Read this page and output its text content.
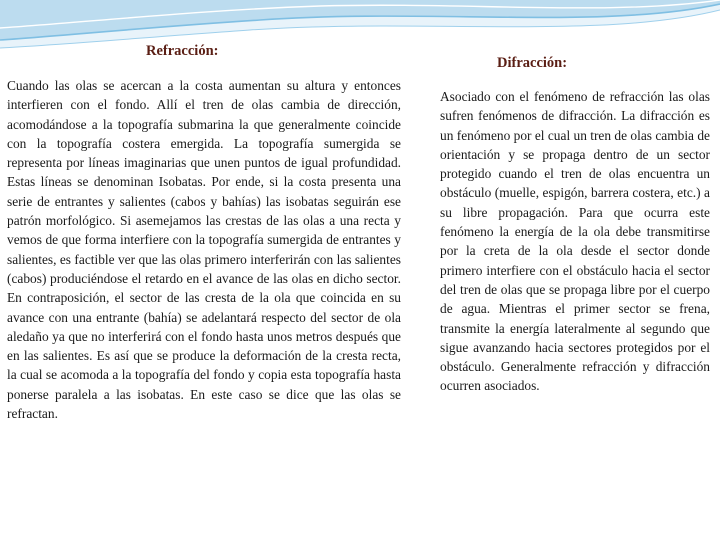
Refracción:

Cuando las olas se acercan a la costa aumentan su altura y entonces interfieren con el fondo. Allí el tren de olas cambia de dirección, acomodándose a la topografía submarina la que generalmente coincide con la topografía costera emergida. La topografía sumergida se representa por líneas imaginarias que unen puntos de igual profundidad. Estas líneas se denominan Isobatas. Por ende, si la costa presenta una serie de entrantes y salientes (cabos y bahías) las isobatas seguirán ese patrón morfológico. Si asemejamos las crestas de las olas a una recta y vemos de que forma interfiere con la topografía sumergida de entrantes y salientes, es factible ver que las olas primero interferirán con las salientes (cabos) produciéndose el retardo en el avance de las olas en dicho sector. En contraposición, el sector de las cresta de la ola que coincida en su avance con una entrante (bahía) se adelantará respecto del sector de ola aledaño ya que no interferirá con el fondo hasta unos metros después que en las salientes. Es así que se produce la deformación de la cresta recta, la cual se acomoda a la topografía del fondo y copia esta topografía hasta ponerse paralela a las isobatas. En este caso se dice que las olas se refractan.

Difracción:

Asociado con el fenómeno de refracción las olas sufren fenómenos de difracción. La difracción es un fenómeno por el cual un tren de olas cambia de orientación y se propaga dentro de un sector protegido cuando el tren de olas encuentra un obstáculo (muelle, espigón, barrera costera, etc.) a su libre propagación. Para que ocurra este fenómeno la energía de la ola debe transmitirse por la creta de la ola desde el sector donde primero interfiere con el obstáculo hacia el sector del tren de olas que se propaga libre por el cuerpo de agua. Mientras el primer sector se frena, transmite la energía lateralmente al segundo que sigue avanzando hacia sectores protegidos por el obstáculo. Generalmente refracción y difracción ocurren asociados.
